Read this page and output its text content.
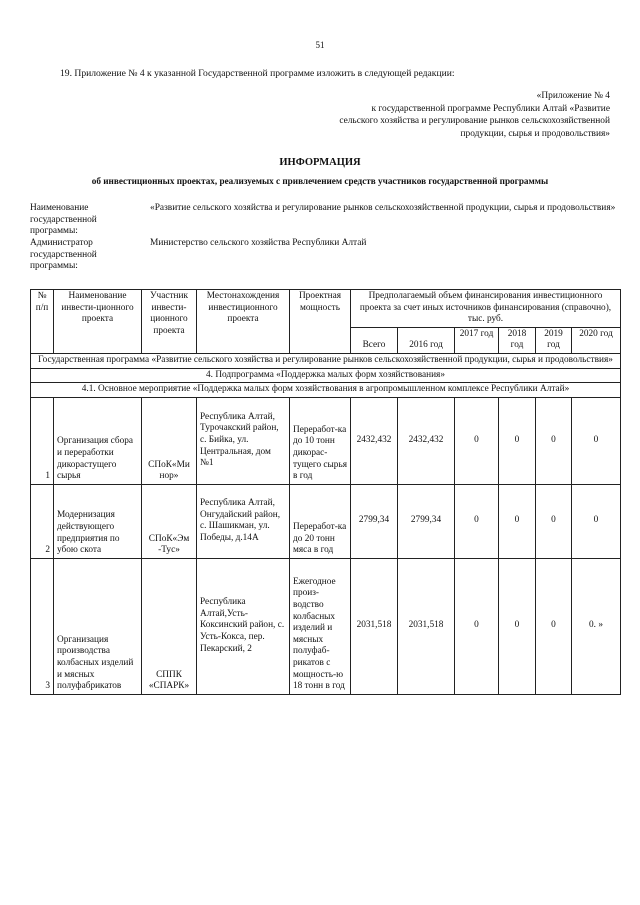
51
19. Приложение № 4 к указанной Государственной программе изложить в следующей редакции:
«Приложение № 4
к государственной программе Республики Алтай «Развитие
сельского хозяйства и регулирование рынков сельскохозяйственной
продукции, сырья и продовольствия»
ИНФОРМАЦИЯ
об инвестиционных проектах, реализуемых с привлечением средств участников государственной программы
Наименование государственной программы:
«Развитие сельского хозяйства и регулирование рынков сельскохозяйственной продукции, сырья и продовольствия»
Администратор государственной программы:
Министерство сельского хозяйства Республики Алтай
№ п/п	Наименование инвести-ционного проекта	Участник инвести-ционного проекта	Местонахождения инвестиционного проекта	Проектная мощность	Предполагаемый объем финансирования инвестиционного проекта за счет иных источников финансирования (справочно), тыс. руб.					
					Всего	2016 год	2017 год	2018 год	2019 год	2020 год
Государственная программа «Развитие сельского хозяйства и регулирование рынков сельскохозяйственной продукции, сырья и продовольствия»										
4. Подпрограмма «Поддержка малых форм хозяйствования»										
4.1. Основное мероприятие «Поддержка малых форм хозяйствования в агропромышленном комплексе Республики Алтай»										
1	Организация сбора и переработки дикорастущего сырья	СПоК«Ми нор»	Республика Алтай, Турочакский район, с. Бийка, ул. Центральная, дом №1	Переработ-ка до 10 тонн дикорас-тущего сырья в год	2432,432	2432,432	0	0	0	0
2	Модернизация действующего предприятия по убою скота	СПоК«Эм -Тус»	Республика Алтай, Онгудайский район, с. Шашикман, ул. Победы, д.14А	Переработ-ка до 20 тонн мяса в год	2799,34	2799,34	0	0	0	0
3	Организация производства колбасных изделий и мясных полуфабрикатов	СППК «СПАРК»	Республика Алтай,Усть-Коксинский район, с. Усть-Кокса, пер. Пекарский, 2	Ежегодное произ-водство колбасных изделий и мясных полуфаб-рикатов с мощность-ю 18 тонн в год	2031,518	2031,518	0	0	0	0. »
